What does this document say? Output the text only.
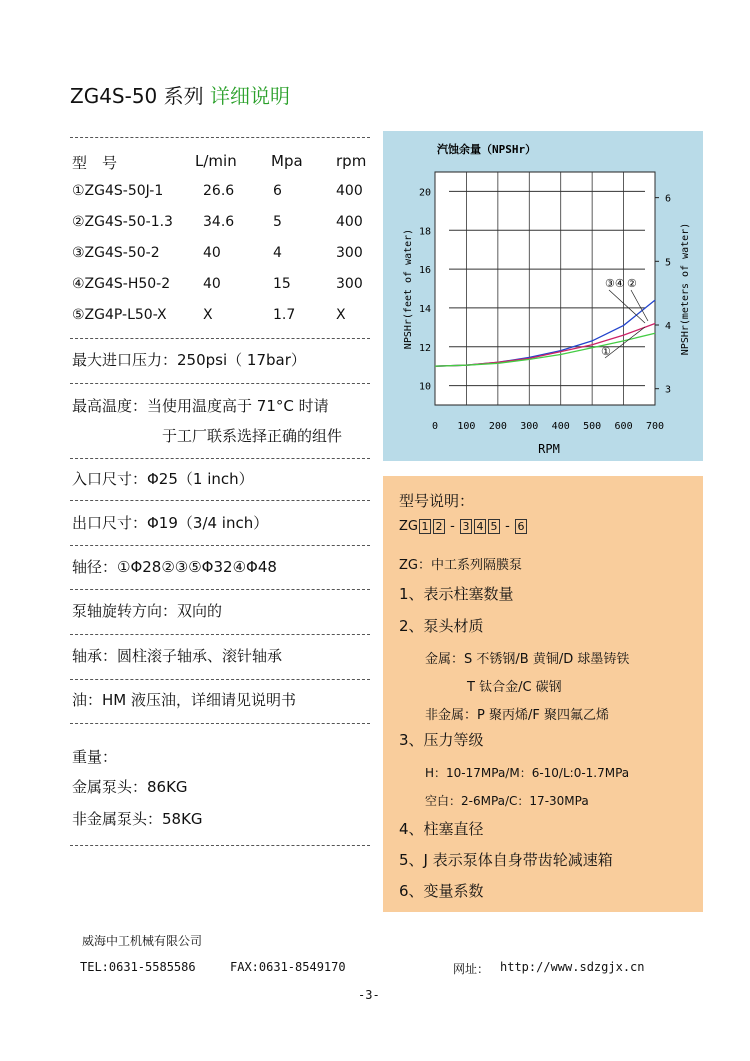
ZG4S-50 系列 详细说明
型　号	L/min Mpa rpm
①ZG4S-50J-1	26.6	6	400
②ZG4S-50-1.3 34.6	5	400
③ZG4S-50-2	40	4	300
④ZG4S-H50-2 40	15	300
⑤ZG4P-L50-X	X	1.7	X
最大进口压力：250psi（ 17bar）
最高温度：当使用温度高于 71°C 时请
于工厂联系选择正确的组件
入口尺寸：Φ25（1 inch）
出口尺寸：Φ19（3/4 inch）
轴径：①Φ28②③⑤Φ32④Φ48
泵轴旋转方向：双向的
轴承：圆柱滚子轴承、滚针轴承
油：HM 液压油，详细请见说明书
重量：
金属泵头：86KG
非金属泵头：58KG
汽蚀余量（NPSHr）
0 100 200 300 400 500 600 700
10
12
14
16
18
20
3
4
5
6
③④ ②
①
RPM
NPSHr(feet of water)	NPSHr(meters of water)
型号说明：
ZG 1 2 - 3 4 5 - 6
ZG：中工系列隔膜泵
1、表示柱塞数量
2、泵头材质
金属：S 不锈钢/B 黄铜/D 球墨铸铁
T 钛合金/C 碳钢
非金属：P 聚丙烯/F 聚四氟乙烯
3、压力等级
H：10-17MPa/M：6-10/L:0-1.7MPa
空白：2-6MPa/C：17-30MPa
4、柱塞直径
5、J 表示泵体自身带齿轮减速箱
6、变量系数
威海中工机械有限公司
TEL:0631-5585586	FAX:0631-8549170	网址： http://www.sdzgjx.cn
-3-
